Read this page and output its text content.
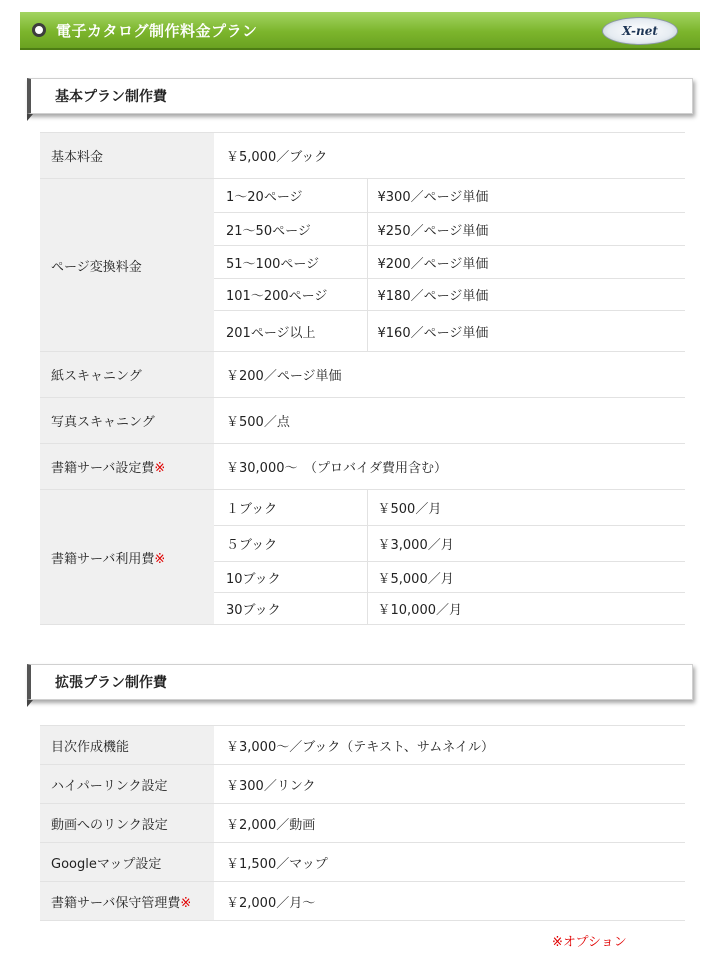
電子カタログ制作料金プラン	X-net
基本プラン制作費
基本料金	￥5,000／ブック	
ページ変換料金	1～20ページ	¥300／ページ単価
	21～50ページ	¥250／ページ単価
	51～100ページ	¥200／ページ単価
	101～200ページ	¥180／ページ単価
	201ページ以上	¥160／ページ単価
紙スキャニング	￥200／ページ単価	
写真スキャニング	￥500／点	
書籍サーバ設定費※	￥30,000～　（プロバイダ費用含む）	
書籍サーバ利用費※	１ブック	￥500／月
	５ブック	￥3,000／月
	10ブック	￥5,000／月
	30ブック	￥10,000／月
拡張プラン制作費
目次作成機能	￥3,000～／ブック（テキスト、サムネイル）
ハイパーリンク設定	￥300／リンク
動画へのリンク設定	￥2,000／動画
Googleマップ設定	￥1,500／マップ
書籍サーバ保守管理費※	￥2,000／月～
※オプション
